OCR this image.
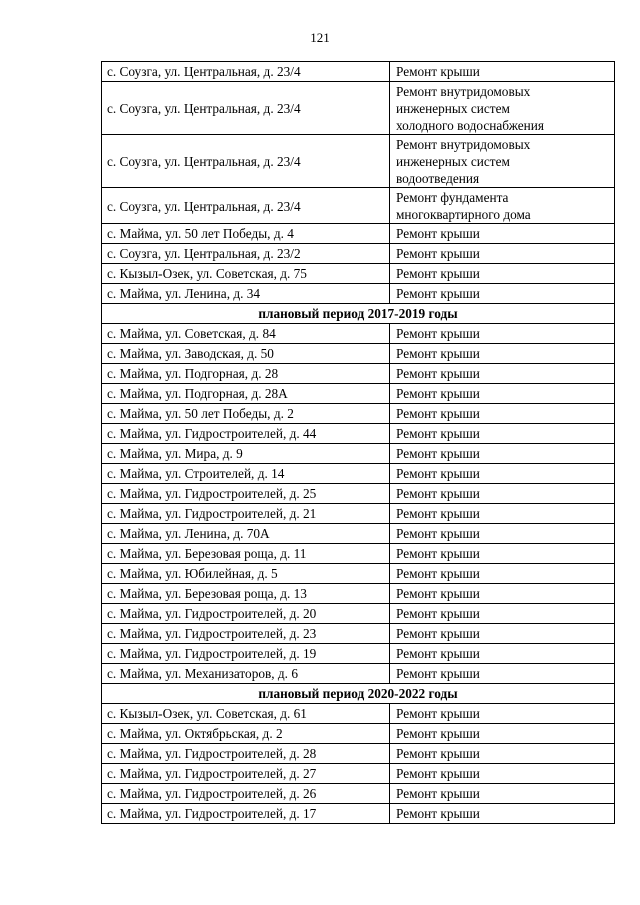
121
с. Соузга, ул. Центральная, д. 23/4	Ремонт крыши

с. Соузга, ул. Центральная, д. 23/4	Ремонт внутридомовых
инженерных систем
холодного водоснабжения

с. Соузга, ул. Центральная, д. 23/4	Ремонт внутридомовых
инженерных систем
водоотведения

с. Соузга, ул. Центральная, д. 23/4	Ремонт фундамента
многоквартирного дома

с. Майма, ул. 50 лет Победы, д. 4	Ремонт крыши

с. Соузга, ул. Центральная, д. 23/2	Ремонт крыши

с. Кызыл-Озек, ул. Советская, д. 75	Ремонт крыши

с. Майма, ул. Ленина, д. 34	Ремонт крыши

плановый период 2017-2019 годы	
с. Майма, ул. Советская, д. 84	Ремонт крыши

с. Майма, ул. Заводская, д. 50	Ремонт крыши

с. Майма, ул. Подгорная, д. 28	Ремонт крыши

с. Майма, ул. Подгорная, д. 28А	Ремонт крыши

с. Майма, ул. 50 лет Победы, д. 2	Ремонт крыши

с. Майма, ул. Гидростроителей, д. 44	Ремонт крыши

с. Майма, ул. Мира, д. 9	Ремонт крыши

с. Майма, ул. Строителей, д. 14	Ремонт крыши

с. Майма, ул. Гидростроителей, д. 25	Ремонт крыши

с. Майма, ул. Гидростроителей, д. 21	Ремонт крыши

с. Майма, ул. Ленина, д. 70А	Ремонт крыши

с. Майма, ул. Березовая роща, д. 11	Ремонт крыши

с. Майма, ул. Юбилейная, д. 5	Ремонт крыши

с. Майма, ул. Березовая роща, д. 13	Ремонт крыши

с. Майма, ул. Гидростроителей, д. 20	Ремонт крыши

с. Майма, ул. Гидростроителей, д. 23	Ремонт крыши

с. Майма, ул. Гидростроителей, д. 19	Ремонт крыши

с. Майма, ул. Механизаторов, д. 6	Ремонт крыши

плановый период 2020-2022 годы	
с. Кызыл-Озек, ул. Советская, д. 61	Ремонт крыши

с. Майма, ул. Октябрьская, д. 2	Ремонт крыши

с. Майма, ул. Гидростроителей, д. 28	Ремонт крыши

с. Майма, ул. Гидростроителей, д. 27	Ремонт крыши

с. Майма, ул. Гидростроителей, д. 26	Ремонт крыши

с. Майма, ул. Гидростроителей, д. 17	Ремонт крыши
